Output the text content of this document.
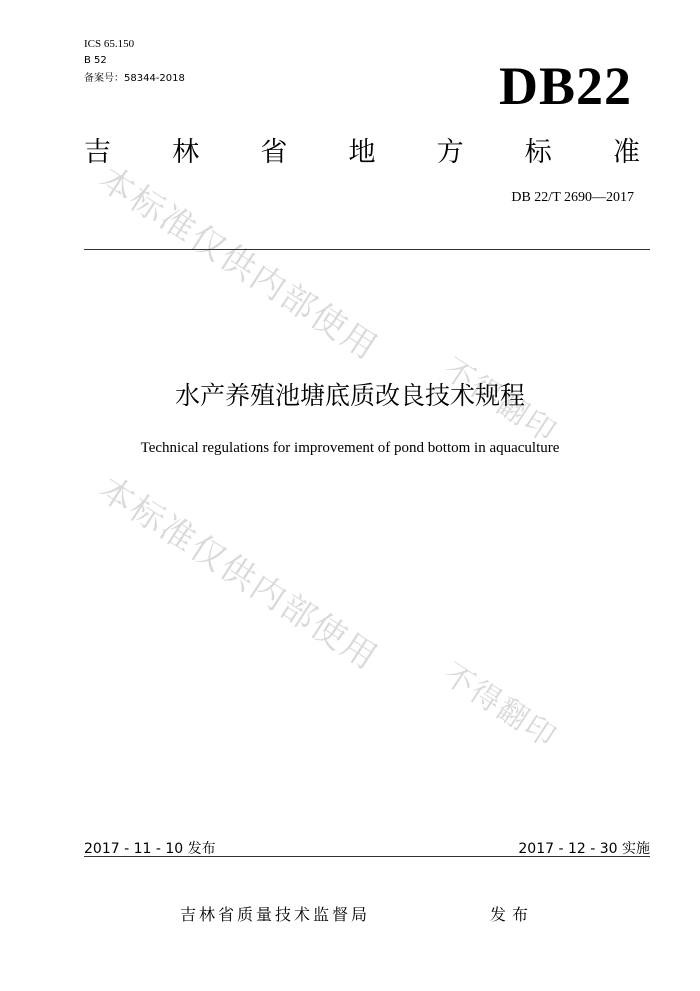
本标准仅供内部使用
不得翻印
本标准仅供内部使用
不得翻印
ICS 65.150
B 52
备案号：58344-2018	DB22
吉 林 省 地 方 标 准
DB 22/T 2690—2017
水产养殖池塘底质改良技术规程
Technical regulations for improvement of pond bottom in aquaculture
2017 - 11 - 10 发布	2017 - 12 - 30 实施
吉林省质量技术监督局	发布
